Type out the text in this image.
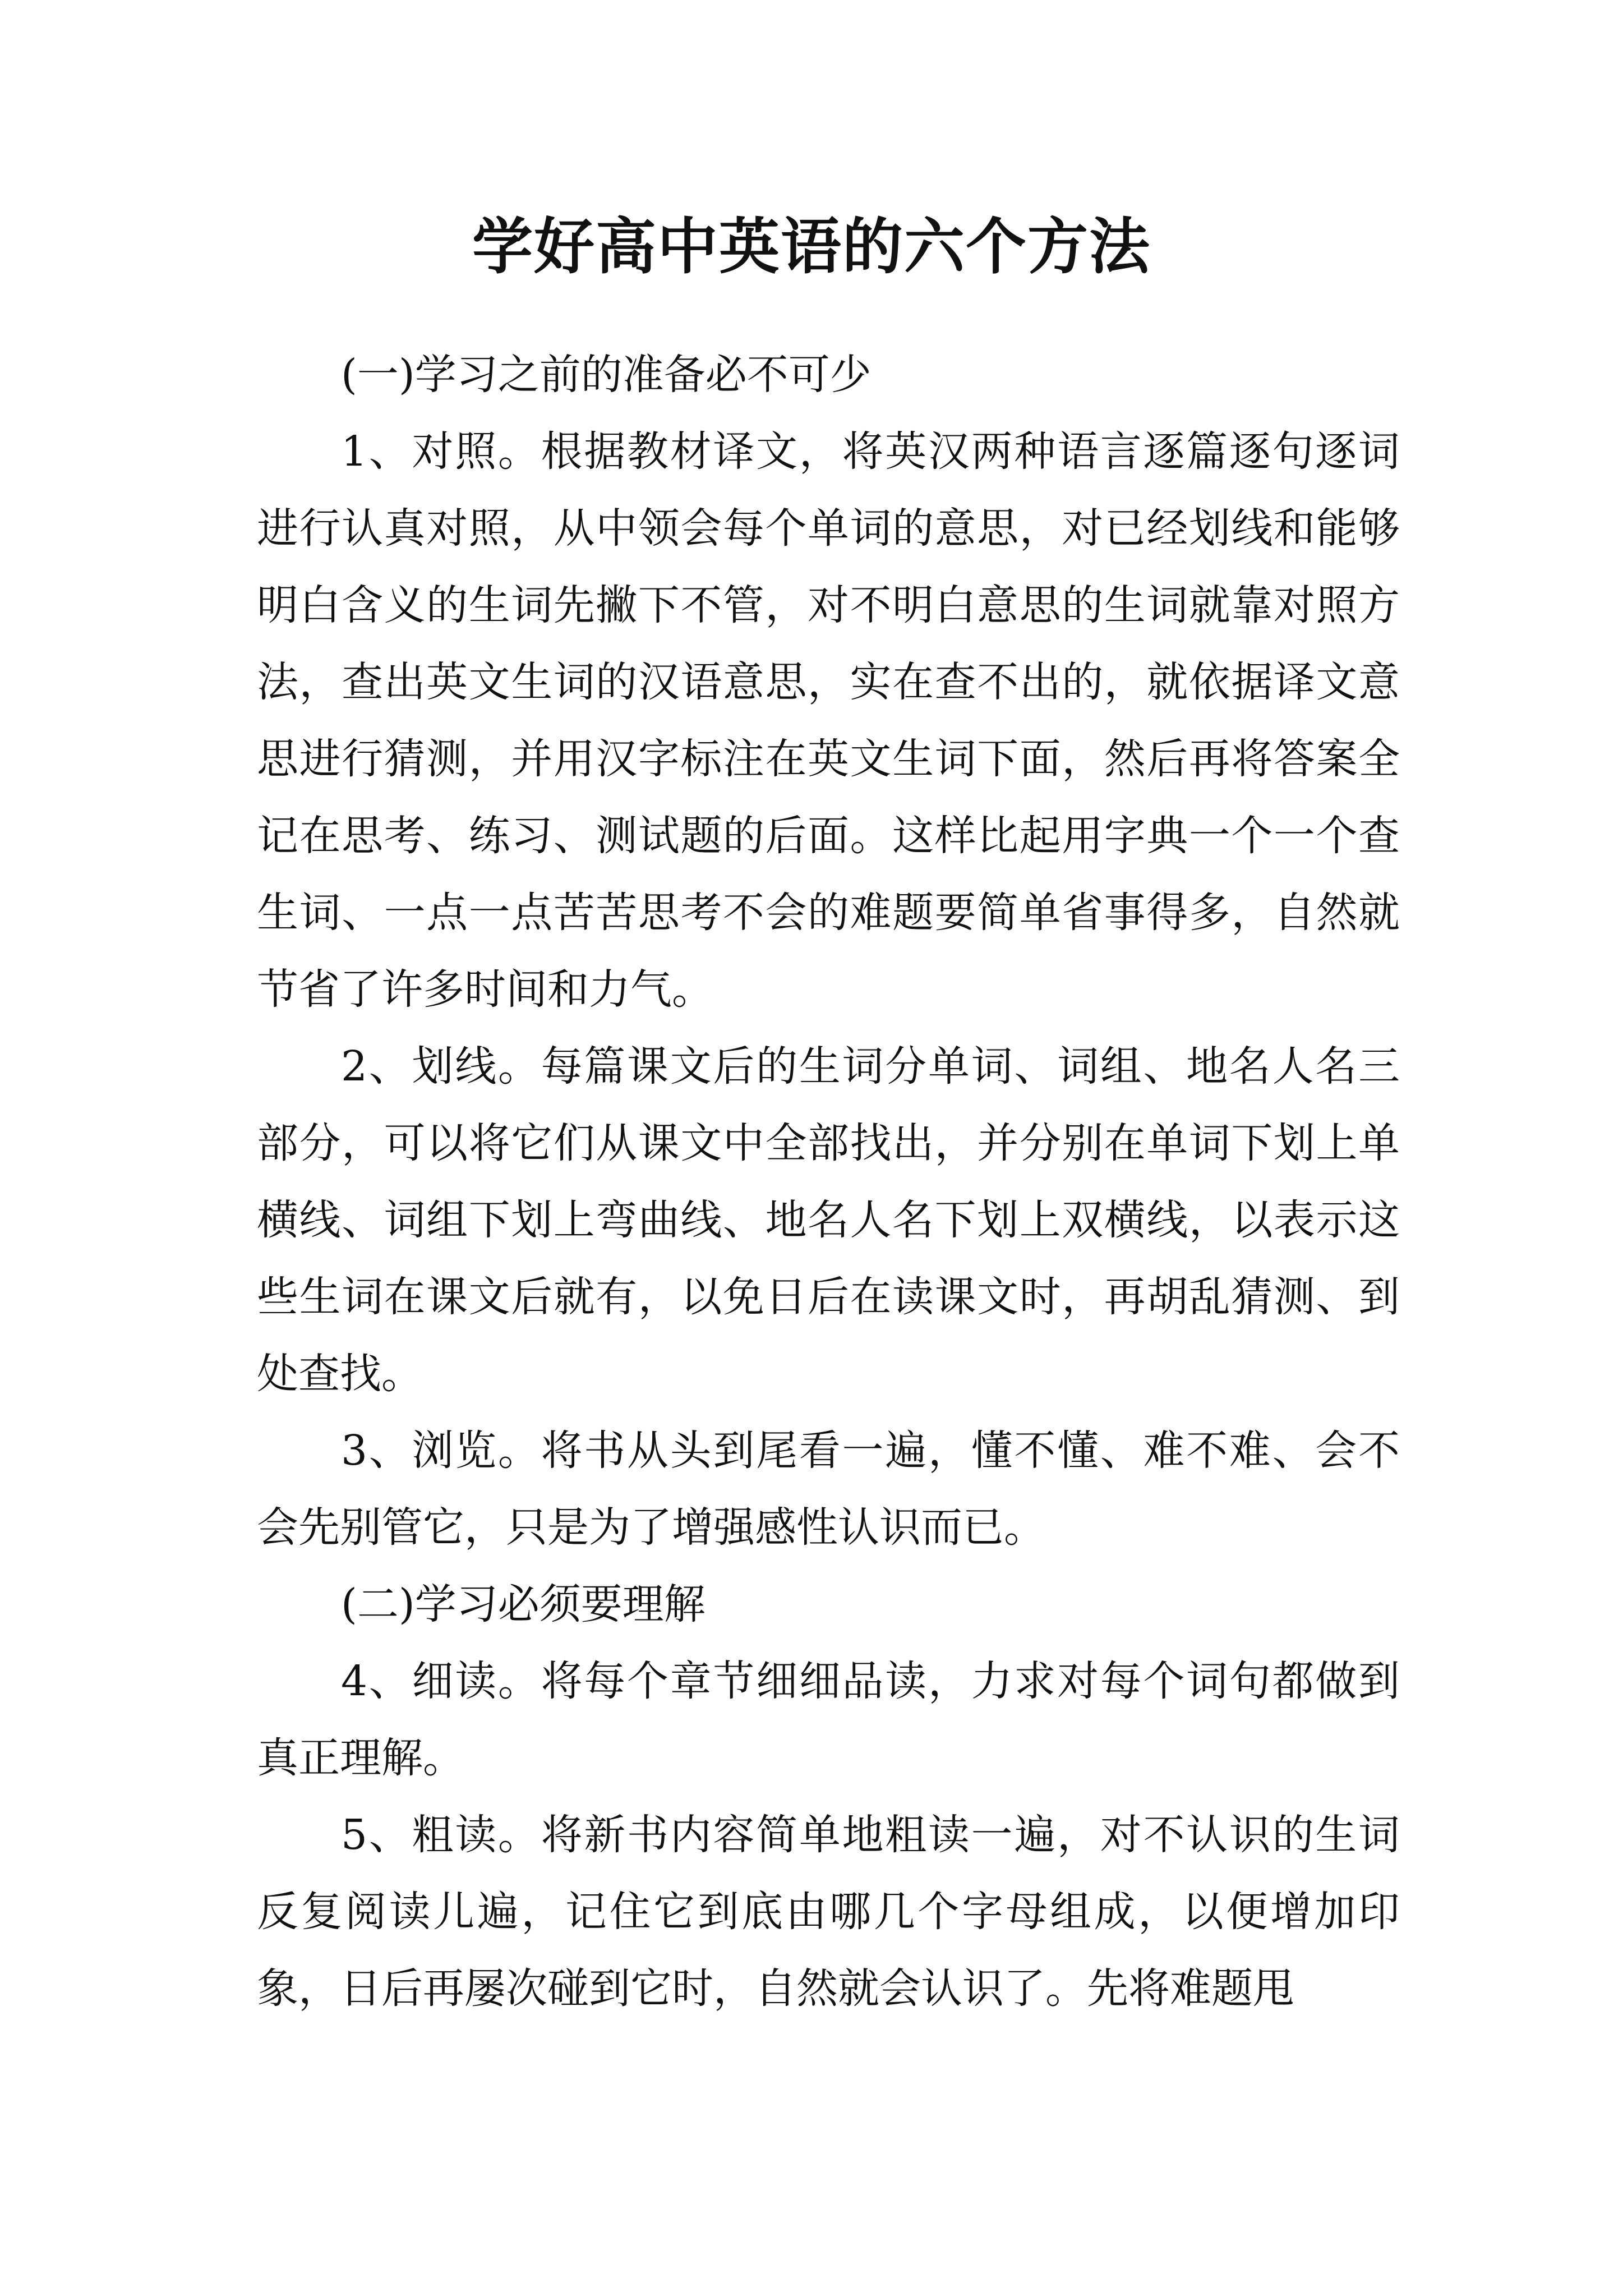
学好高中英语的六个方法

(一)学习之前的准备必不可少

1、对照。根据教材译文，将英汉两种语言逐篇逐句逐词进行认真对照，从中领会每个单词的意思，对已经划线和能够明白含义的生词先撇下不管，对不明白意思的生词就靠对照方法，查出英文生词的汉语意思，实在查不出的，就依据译文意思进行猜测，并用汉字标注在英文生词下面，然后再将答案全记在思考、练习、测试题的后面。这样比起用字典一个一个查生词、一点一点苦苦思考不会的难题要简单省事得多，自然就节省了许多时间和力气。

2、划线。每篇课文后的生词分单词、词组、地名人名三部分，可以将它们从课文中全部找出，并分别在单词下划上单横线、词组下划上弯曲线、地名人名下划上双横线，以表示这些生词在课文后就有，以免日后在读课文时，再胡乱猜测、到处查找。

3、浏览。将书从头到尾看一遍，懂不懂、难不难、会不会先别管它，只是为了增强感性认识而已。

(二)学习必须要理解

4、细读。将每个章节细细品读，力求对每个词句都做到真正理解。

5、粗读。将新书内容简单地粗读一遍，对不认识的生词反复阅读儿遍，记住它到底由哪几个字母组成，以便增加印象，日后再屡次碰到它时，自然就会认识了。先将难题甩
